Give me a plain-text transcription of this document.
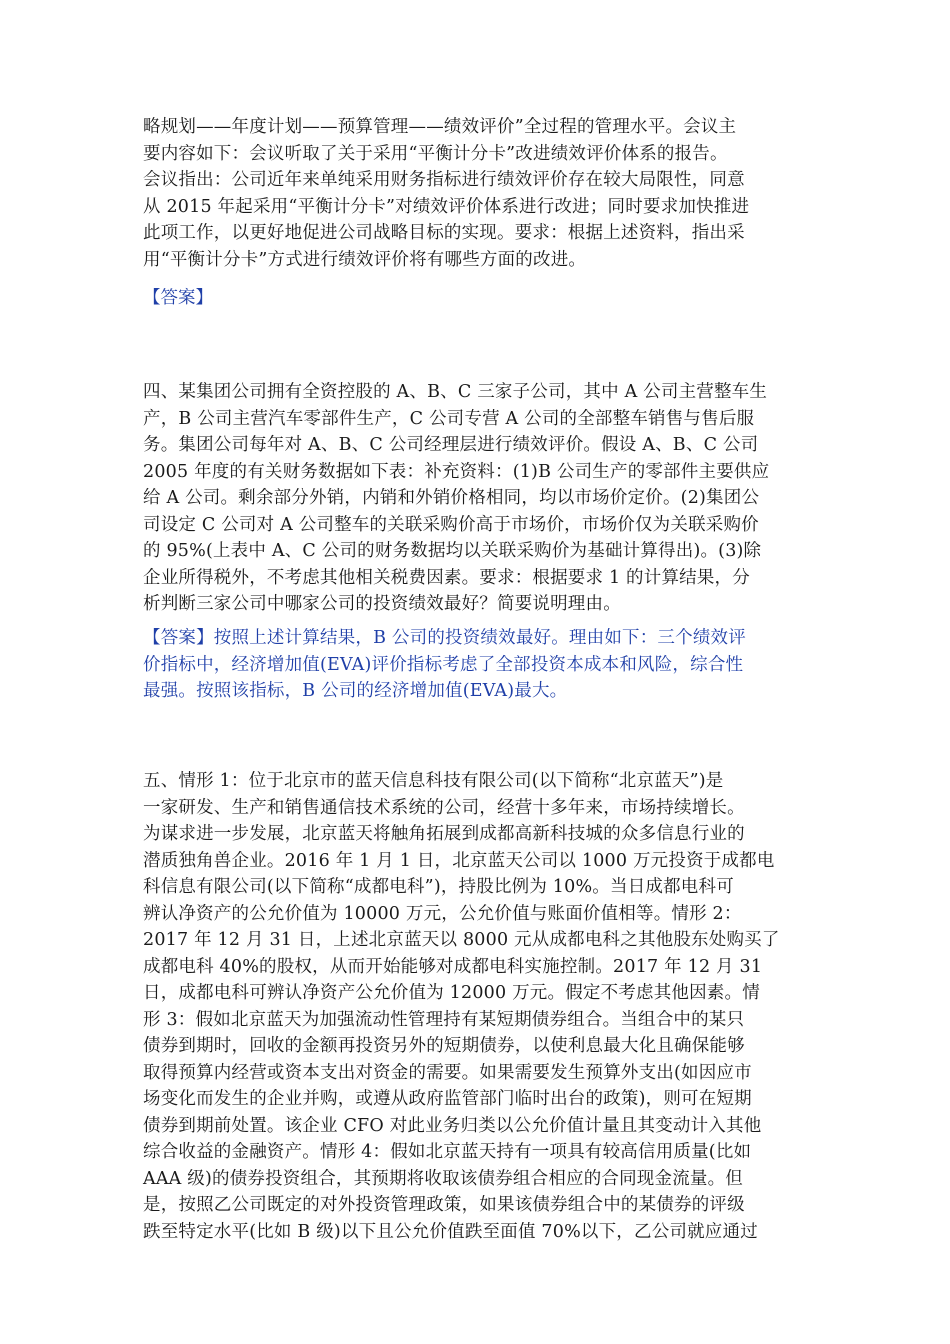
略规划——年度计划——预算管理——绩效评价”全过程的管理水平。会议主
要内容如下：会议听取了关于采用“平衡计分卡”改进绩效评价体系的报告。
会议指出：公司近年来单纯采用财务指标进行绩效评价存在较大局限性，同意
从 2015 年起采用“平衡计分卡”对绩效评价体系进行改进；同时要求加快推进
此项工作，以更好地促进公司战略目标的实现。要求：根据上述资料，指出采
用“平衡计分卡”方式进行绩效评价将有哪些方面的改进。
【答案】
四、某集团公司拥有全资控股的 A、B、C 三家子公司，其中 A 公司主营整车生
产，B 公司主营汽车零部件生产，C 公司专营 A 公司的全部整车销售与售后服
务。集团公司每年对 A、B、C 公司经理层进行绩效评价。假设 A、B、C 公司
2005 年度的有关财务数据如下表：补充资料：(1)B 公司生产的零部件主要供应
给 A 公司。剩余部分外销，内销和外销价格相同，均以市场价定价。(2)集团公
司设定 C 公司对 A 公司整车的关联采购价高于市场价，市场价仅为关联采购价
的 95%(上表中 A、C 公司的财务数据均以关联采购价为基础计算得出)。(3)除
企业所得税外，不考虑其他相关税费因素。要求：根据要求 1 的计算结果，分
析判断三家公司中哪家公司的投资绩效最好？简要说明理由。
【答案】按照上述计算结果，B 公司的投资绩效最好。理由如下：三个绩效评
价指标中，经济增加值(EVA)评价指标考虑了全部投资本成本和风险，综合性
最强。按照该指标，B 公司的经济增加值(EVA)最大。
五、情形 1：位于北京市的蓝天信息科技有限公司(以下简称“北京蓝天”)是
一家研发、生产和销售通信技术系统的公司，经营十多年来，市场持续增长。
为谋求进一步发展，北京蓝天将触角拓展到成都高新科技城的众多信息行业的
潜质独角兽企业。2016 年 1 月 1 日，北京蓝天公司以 1000 万元投资于成都电
科信息有限公司(以下简称“成都电科”)，持股比例为 10%。当日成都电科可
辨认净资产的公允价值为 10000 万元，公允价值与账面价值相等。情形 2：
2017 年 12 月 31 日，上述北京蓝天以 8000 元从成都电科之其他股东处购买了
成都电科 40%的股权，从而开始能够对成都电科实施控制。2017 年 12 月 31
日，成都电科可辨认净资产公允价值为 12000 万元。假定不考虑其他因素。情
形 3：假如北京蓝天为加强流动性管理持有某短期债券组合。当组合中的某只
债券到期时，回收的金额再投资另外的短期债券，以使利息最大化且确保能够
取得预算内经营或资本支出对资金的需要。如果需要发生预算外支出(如因应市
场变化而发生的企业并购，或遵从政府监管部门临时出台的政策)，则可在短期
债券到期前处置。该企业 CFO 对此业务归类以公允价值计量且其变动计入其他
综合收益的金融资产。情形 4：假如北京蓝天持有一项具有较高信用质量(比如
AAA 级)的债券投资组合，其预期将收取该债券组合相应的合同现金流量。但
是，按照乙公司既定的对外投资管理政策，如果该债券组合中的某债券的评级
跌至特定水平(比如 B 级)以下且公允价值跌至面值 70%以下，乙公司就应通过
